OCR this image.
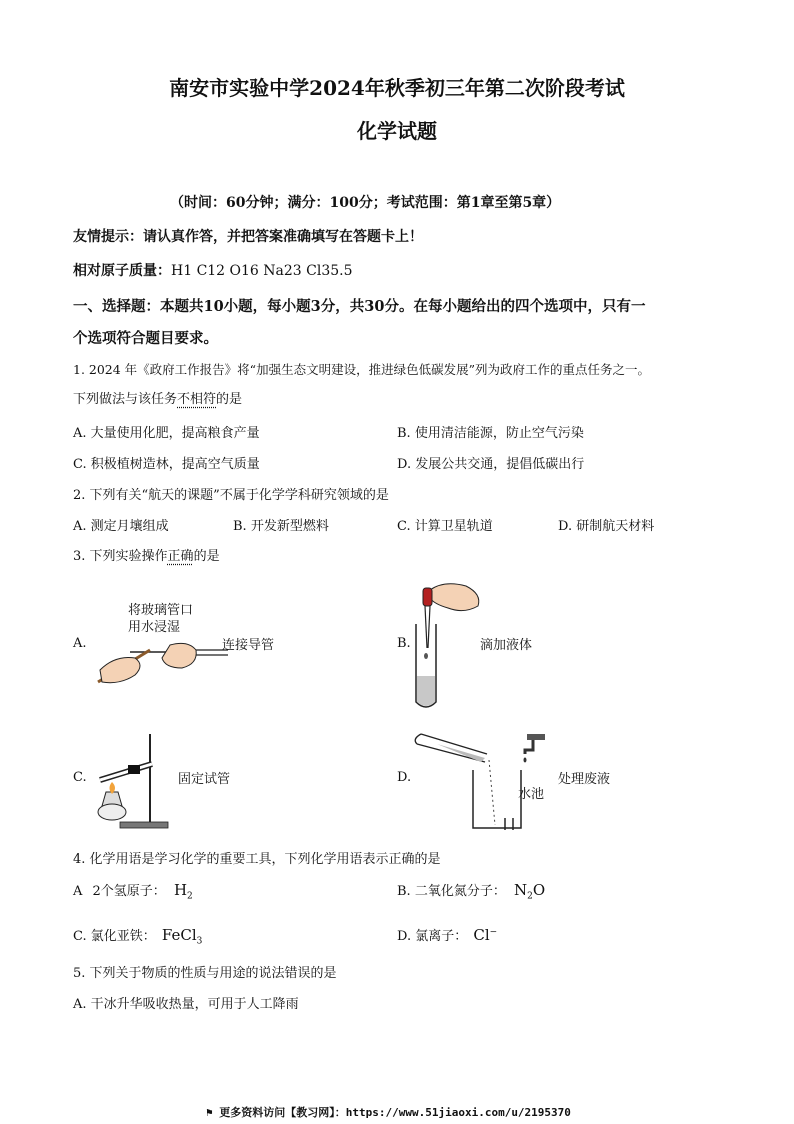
南安市实验中学2024年秋季初三年第二次阶段考试
化学试题
（时间：60分钟；满分：100分；考试范围：第1章至第5章）
友情提示：请认真作答，并把答案准确填写在答题卡上！
相对原子质量：H1 C12 O16 Na23 Cl35.5
一、选择题：本题共10小题，每小题3分，共30分。在每小题给出的四个选项中，只有一
个选项符合题目要求。
1. 2024 年《政府工作报告》将“加强生态文明建设，推进绿色低碳发展”列为政府工作的重点任务之一。
下列做法与该任务不相符的是
A. 大量使用化肥，提高粮食产量	B. 使用清洁能源，防止空气污染
C. 积极植树造林，提高空气质量	D. 发展公共交通，提倡低碳出行
2. 下列有关“航天的课题”不属于化学学科研究领域的是
A. 测定月壤组成	B. 开发新型燃料	C. 计算卫星轨道	D. 研制航天材料
3. 下列实验操作正确的是
A.
将玻璃管口
用水浸湿
连接导管	B.	滴加液体
C.	固定试管	D.	处理废液
水池
4. 化学用语是学习化学的重要工具，下列化学用语表示正确的是
A 2个氢原子： $H_2$	B. 二氧化氮分子： $N_2O$
C. 氯化亚铁： FeCl$_3$	D. 氯离子： Cl−
5. 下列关于物质的性质与用途的说法错误的是
A. 干冰升华吸收热量，可用于人工降雨
⚑ 更多资料访问【教习网】：https://www.51jiaoxi.com/u/2195370
